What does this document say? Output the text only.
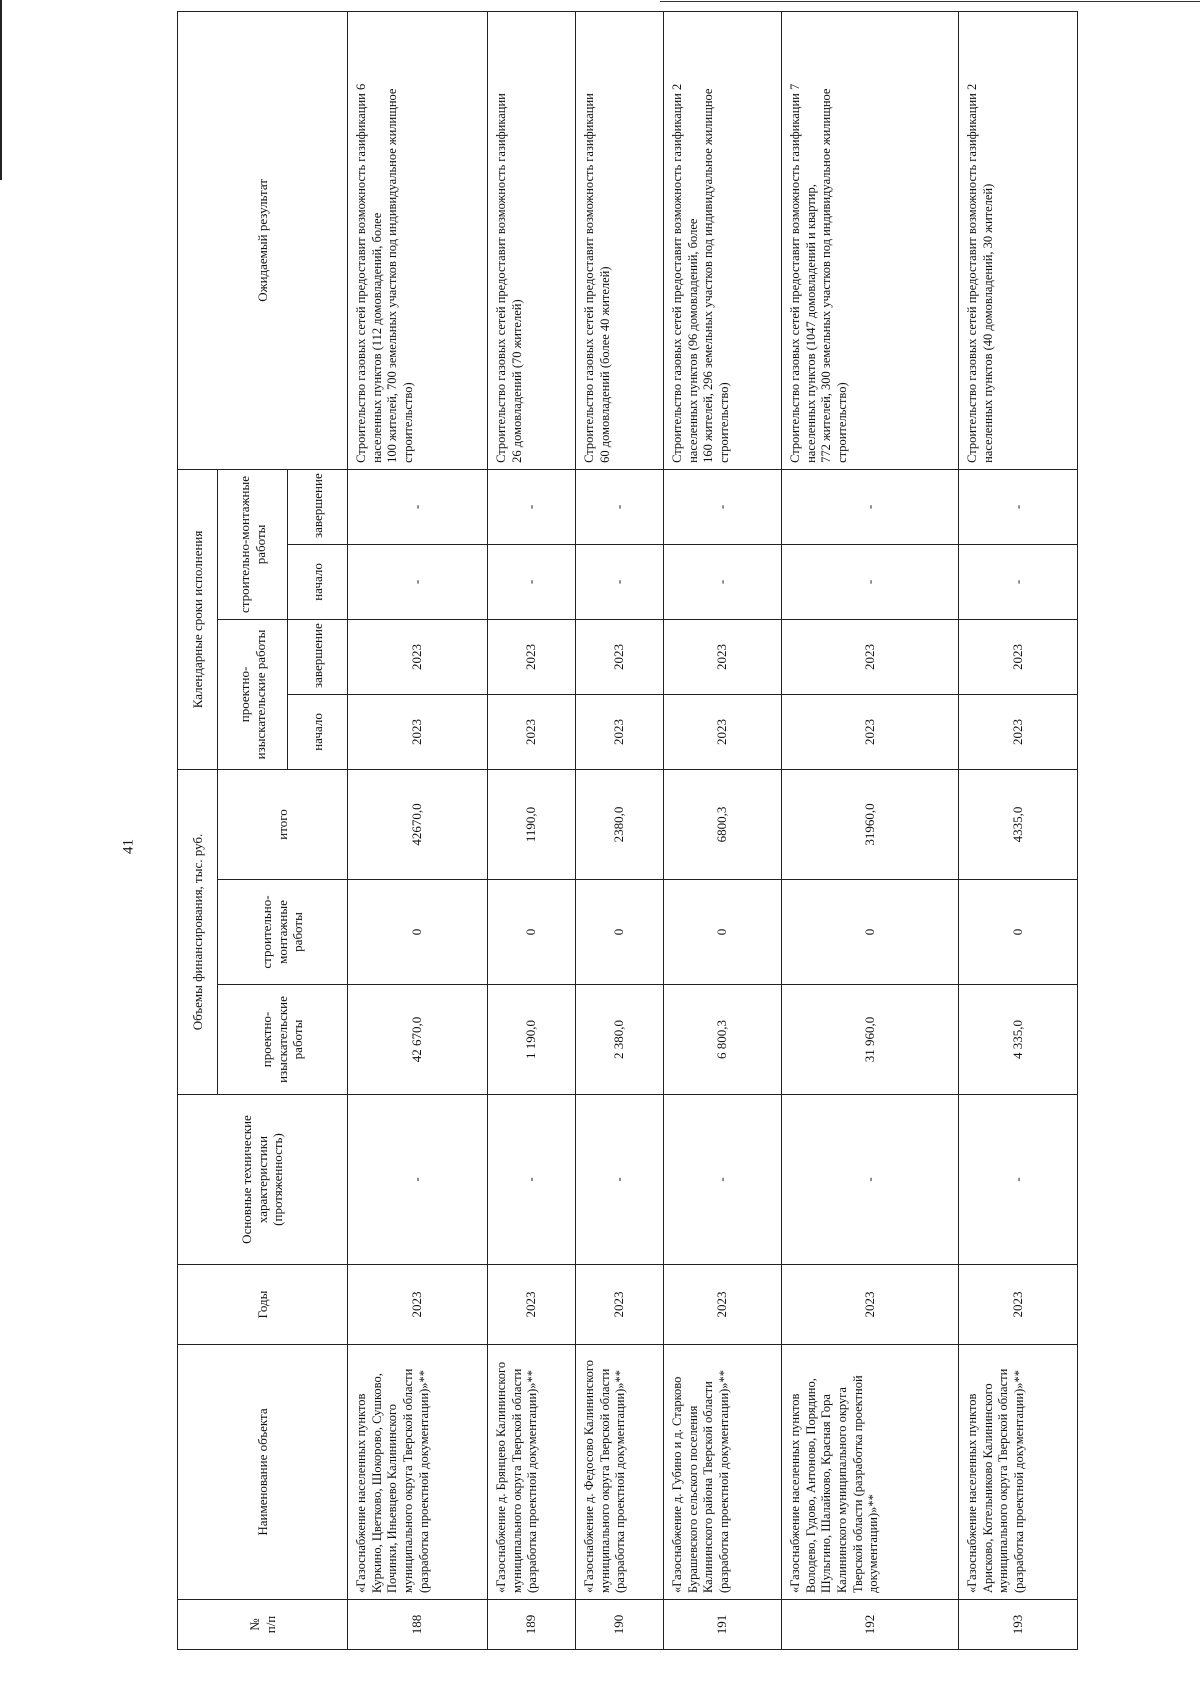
41
№
п/п	Наименование объекта	Годы	Основные технические характеристики (протяженность)	Объемы финансирования, тыс. руб.			Календарные сроки исполнения				Ожидаемый результат
				проектно-изыскательские работы	строительно-монтажные работы	итого	проектно-изыскательские работы		строительно-монтажные работы		
							начало	завершение	начало	завершение	
188	«Газоснабжение населенных пунктов Куркино, Цветково, Шокорово, Сушково, Починки, Иньевцево Калининского муниципального округа Тверской области (разработка проектной документации)»**	2023	-	42 670,0	0	42670,0	2023	2023	-	-	Строительство газовых сетей предоставит возможность газификации 6 населенных пунктов (112 домовладений, более
100 жителей, 700 земельных участков под индивидуальное жилищное строительство)
189	«Газоснабжение д. Брянцево Калининского муниципального округа Тверской области (разработка проектной документации)»**	2023	-	1 190,0	0	1190,0	2023	2023	-	-	Строительство газовых сетей предоставит возможность газификации
26 домовладений (70 жителей)
190	«Газоснабжение д. Федосово Калининского муниципального округа Тверской области (разработка проектной документации)»**	2023	-	2 380,0	0	2380,0	2023	2023	-	-	Строительство газовых сетей предоставит возможность газификации
60 домовладений (более 40 жителей)
191	«Газоснабжение д. Губино и д. Старково Бурашевского сельского поселения Калининского района Тверской области (разработка проектной документации)»**	2023	-	6 800,3	0	6800,3	2023	2023	-	-	Строительство газовых сетей предоставит возможность газификации 2 населенных пунктов (96 домовладений, более
160 жителей, 296 земельных участков под индивидуальное жилищное строительство)
192	«Газоснабжение населенных пунктов Володево, Гудово, Антоново, Порядино, Шульгино, Шалайково, Красная Гора Калининского муниципального округа Тверской области (разработка проектной документации)»**	2023	-	31 960,0	0	31960,0	2023	2023	-	-	Строительство газовых сетей предоставит возможность газификации 7 населенных пунктов (1047 домовладений и квартир,
772 жителей, 300 земельных участков под индивидуальное жилищное строительство)
193	«Газоснабжение населенных пунктов Арисково, Котельниково Калининского муниципального округа Тверской области (разработка проектной документации)»**	2023	-	4 335,0	0	4335,0	2023	2023	-	-	Строительство газовых сетей предоставит возможность газификации 2 населенных пунктов (40 домовладений, 30 жителей)
